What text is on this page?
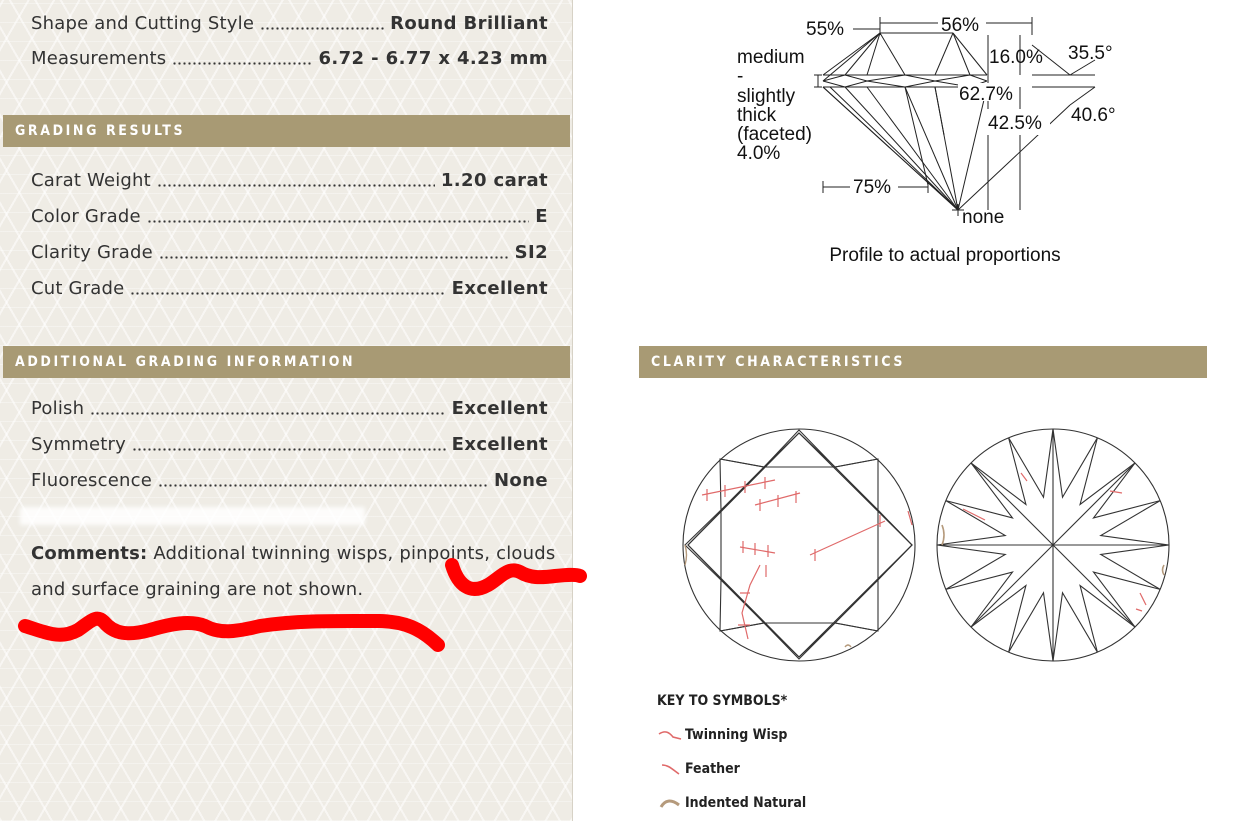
Shape and Cutting Style	Round Brilliant
Measurements	6.72 - 6.77 x 4.23 mm
GRADING RESULTS
Carat Weight	1.20 carat
Color Grade	E
Clarity Grade	SI2
Cut Grade	Excellent
ADDITIONAL GRADING INFORMATION
Polish	Excellent
Symmetry	Excellent
Fluorescence	None
Comments: Additional twinning wisps, pinpoints, clouds
and surface graining are not shown.
56%
55%
16.0% 35.5°
medium
-
slightly
thick
(faceted)
4.0%
62.7%
42.5% 40.6°
75%
none
Profile to actual proportions
CLARITY CHARACTERISTICS
KEY TO SYMBOLS*
Twinning Wisp
Feather
Indented Natural
